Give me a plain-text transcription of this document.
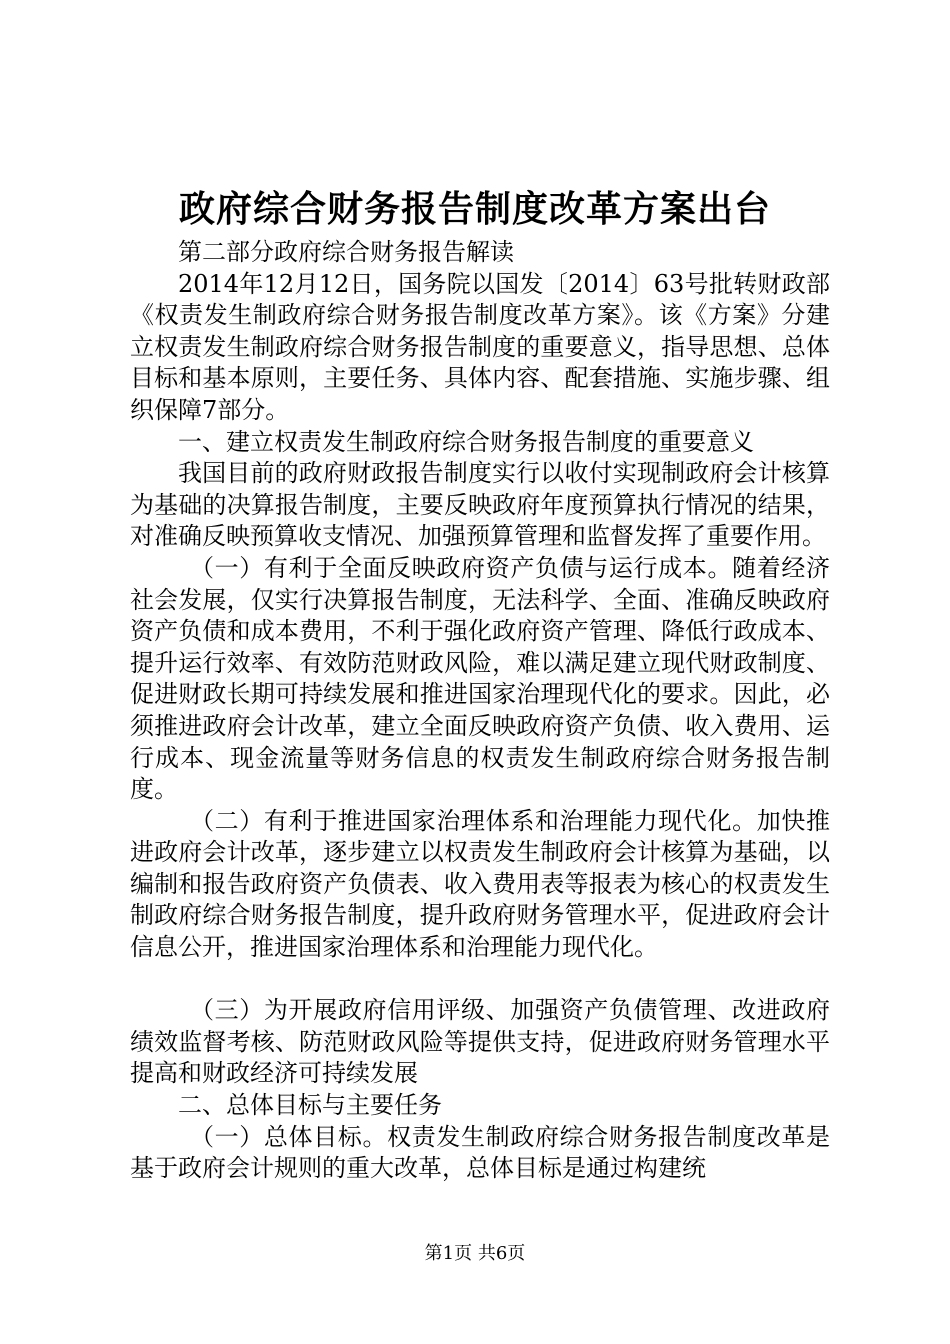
政府综合财务报告制度改革方案出台

第二部分政府综合财务报告解读

2014年12月12日，国务院以国发〔2014〕63号批转财政部《权责发生制政府综合财务报告制度改革方案》。该《方案》分建立权责发生制政府综合财务报告制度的重要意义，指导思想、总体目标和基本原则，主要任务、具体内容、配套措施、实施步骤、组织保障7部分。

一、建立权责发生制政府综合财务报告制度的重要意义

我国目前的政府财政报告制度实行以收付实现制政府会计核算为基础的决算报告制度，主要反映政府年度预算执行情况的结果，对准确反映预算收支情况、加强预算管理和监督发挥了重要作用。

（一）有利于全面反映政府资产负债与运行成本。随着经济社会发展，仅实行决算报告制度，无法科学、全面、准确反映政府资产负债和成本费用，不利于强化政府资产管理、降低行政成本、提升运行效率、有效防范财政风险，难以满足建立现代财政制度、促进财政长期可持续发展和推进国家治理现代化的要求。因此，必须推进政府会计改革，建立全面反映政府资产负债、收入费用、运行成本、现金流量等财务信息的权责发生制政府综合财务报告制度。

（二）有利于推进国家治理体系和治理能力现代化。加快推进政府会计改革，逐步建立以权责发生制政府会计核算为基础，以编制和报告政府资产负债表、收入费用表等报表为核心的权责发生制政府综合财务报告制度，提升政府财务管理水平，促进政府会计信息公开，推进国家治理体系和治理能力现代化。

（三）为开展政府信用评级、加强资产负债管理、改进政府绩效监督考核、防范财政风险等提供支持，促进政府财务管理水平提高和财政经济可持续发展

二、总体目标与主要任务

（一）总体目标。权责发生制政府综合财务报告制度改革是基于政府会计规则的重大改革，总体目标是通过构建统

第1页 共6页
